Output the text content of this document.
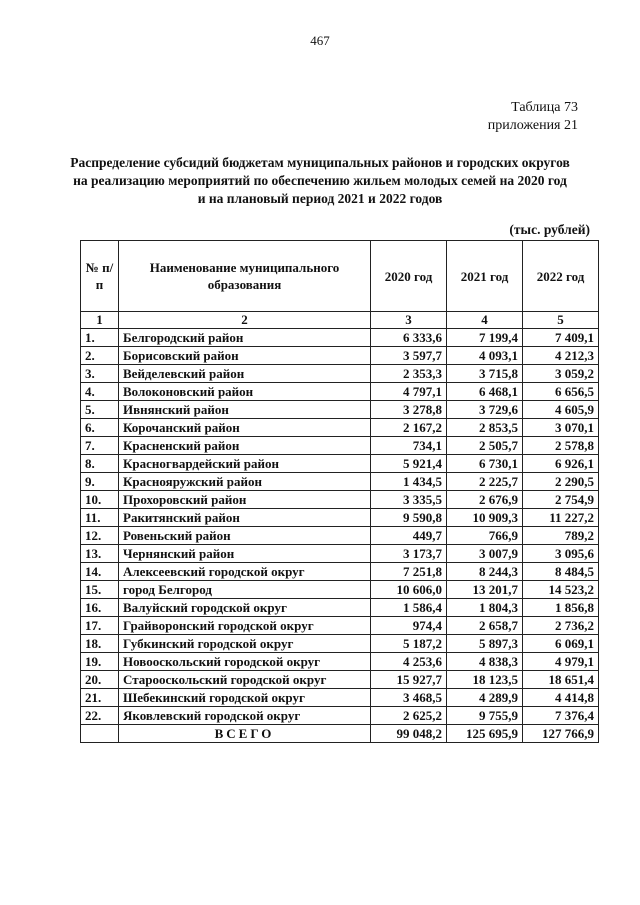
467
Таблица 73
приложения 21
Распределение субсидий бюджетам муниципальных районов и городских округов на реализацию мероприятий по обеспечению жильем молодых семей на 2020 год и на плановый период 2021 и 2022 годов
(тыс. рублей)
№ п/п	Наименование муниципального образования	2020 год	2021 год	2022 год
1	2	3	4	5
1.	Белгородский район	6 333,6	7 199,4	7 409,1
2.	Борисовский район	3 597,7	4 093,1	4 212,3
3.	Вейделевский район	2 353,3	3 715,8	3 059,2
4.	Волоконовский район	4 797,1	6 468,1	6 656,5
5.	Ивнянский район	3 278,8	3 729,6	4 605,9
6.	Корочанский район	2 167,2	2 853,5	3 070,1
7.	Красненский район	734,1	2 505,7	2 578,8
8.	Красногвардейский район	5 921,4	6 730,1	6 926,1
9.	Краснояружский район	1 434,5	2 225,7	2 290,5
10.	Прохоровский район	3 335,5	2 676,9	2 754,9
11.	Ракитянский район	9 590,8	10 909,3	11 227,2
12.	Ровеньский район	449,7	766,9	789,2
13.	Чернянский район	3 173,7	3 007,9	3 095,6
14.	Алексеевский городской округ	7 251,8	8 244,3	8 484,5
15.	город Белгород	10 606,0	13 201,7	14 523,2
16.	Валуйский городской округ	1 586,4	1 804,3	1 856,8
17.	Грайворонский городской округ	974,4	2 658,7	2 736,2
18.	Губкинский городской округ	5 187,2	5 897,3	6 069,1
19.	Новооскольский городской округ	4 253,6	4 838,3	4 979,1
20.	Старооскольский городской округ	15 927,7	18 123,5	18 651,4
21.	Шебекинский городской округ	3 468,5	4 289,9	4 414,8
22.	Яковлевский городской округ	2 625,2	9 755,9	7 376,4
	ВСЕГО	99 048,2	125 695,9	127 766,9
